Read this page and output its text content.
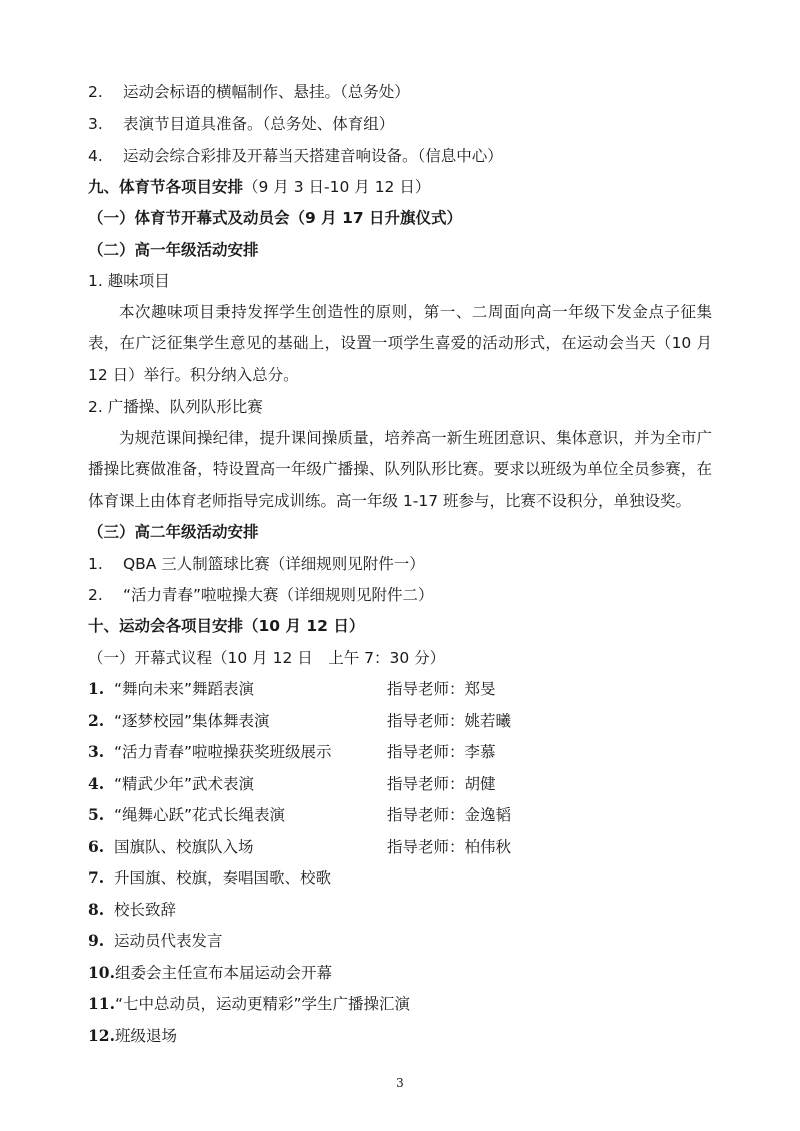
2. 运动会标语的横幅制作、悬挂。（总务处）
3. 表演节目道具准备。（总务处、体育组）
4. 运动会综合彩排及开幕当天搭建音响设备。（信息中心）
九、体育节各项目安排（9 月 3 日-10 月 12 日）
（一）体育节开幕式及动员会（9 月 17 日升旗仪式）
（二）高一年级活动安排
1. 趣味项目
本次趣味项目秉持发挥学生创造性的原则，第一、二周面向高一年级下发金点子征集表，在广泛征集学生意见的基础上，设置一项学生喜爱的活动形式，在运动会当天（10 月 12 日）举行。积分纳入总分。
2. 广播操、队列队形比赛
为规范课间操纪律，提升课间操质量，培养高一新生班团意识、集体意识，并为全市广播操比赛做准备，特设置高一年级广播操、队列队形比赛。要求以班级为单位全员参赛，在体育课上由体育老师指导完成训练。高一年级 1-17 班参与，比赛不设积分，单独设奖。
（三）高二年级活动安排
1. QBA 三人制篮球比赛（详细规则见附件一）
2. “活力青春”啦啦操大赛（详细规则见附件二）
十、运动会各项目安排（10 月 12 日）
（一）开幕式议程（10 月 12 日　上午 7：30 分）
1. “舞向未来”舞蹈表演	指导老师：郑旻
2. “逐梦校园”集体舞表演	指导老师：姚若曦
3. “活力青春”啦啦操获奖班级展示	指导老师：李慕
4. “精武少年”武术表演	指导老师：胡健
5. “绳舞心跃”花式长绳表演	指导老师：金逸韬
6. 国旗队、校旗队入场	指导老师：柏伟秋
7. 升国旗、校旗，奏唱国歌、校歌
8. 校长致辞
9. 运动员代表发言
10.组委会主任宣布本届运动会开幕
11.“七中总动员，运动更精彩”学生广播操汇演
12.班级退场
3
